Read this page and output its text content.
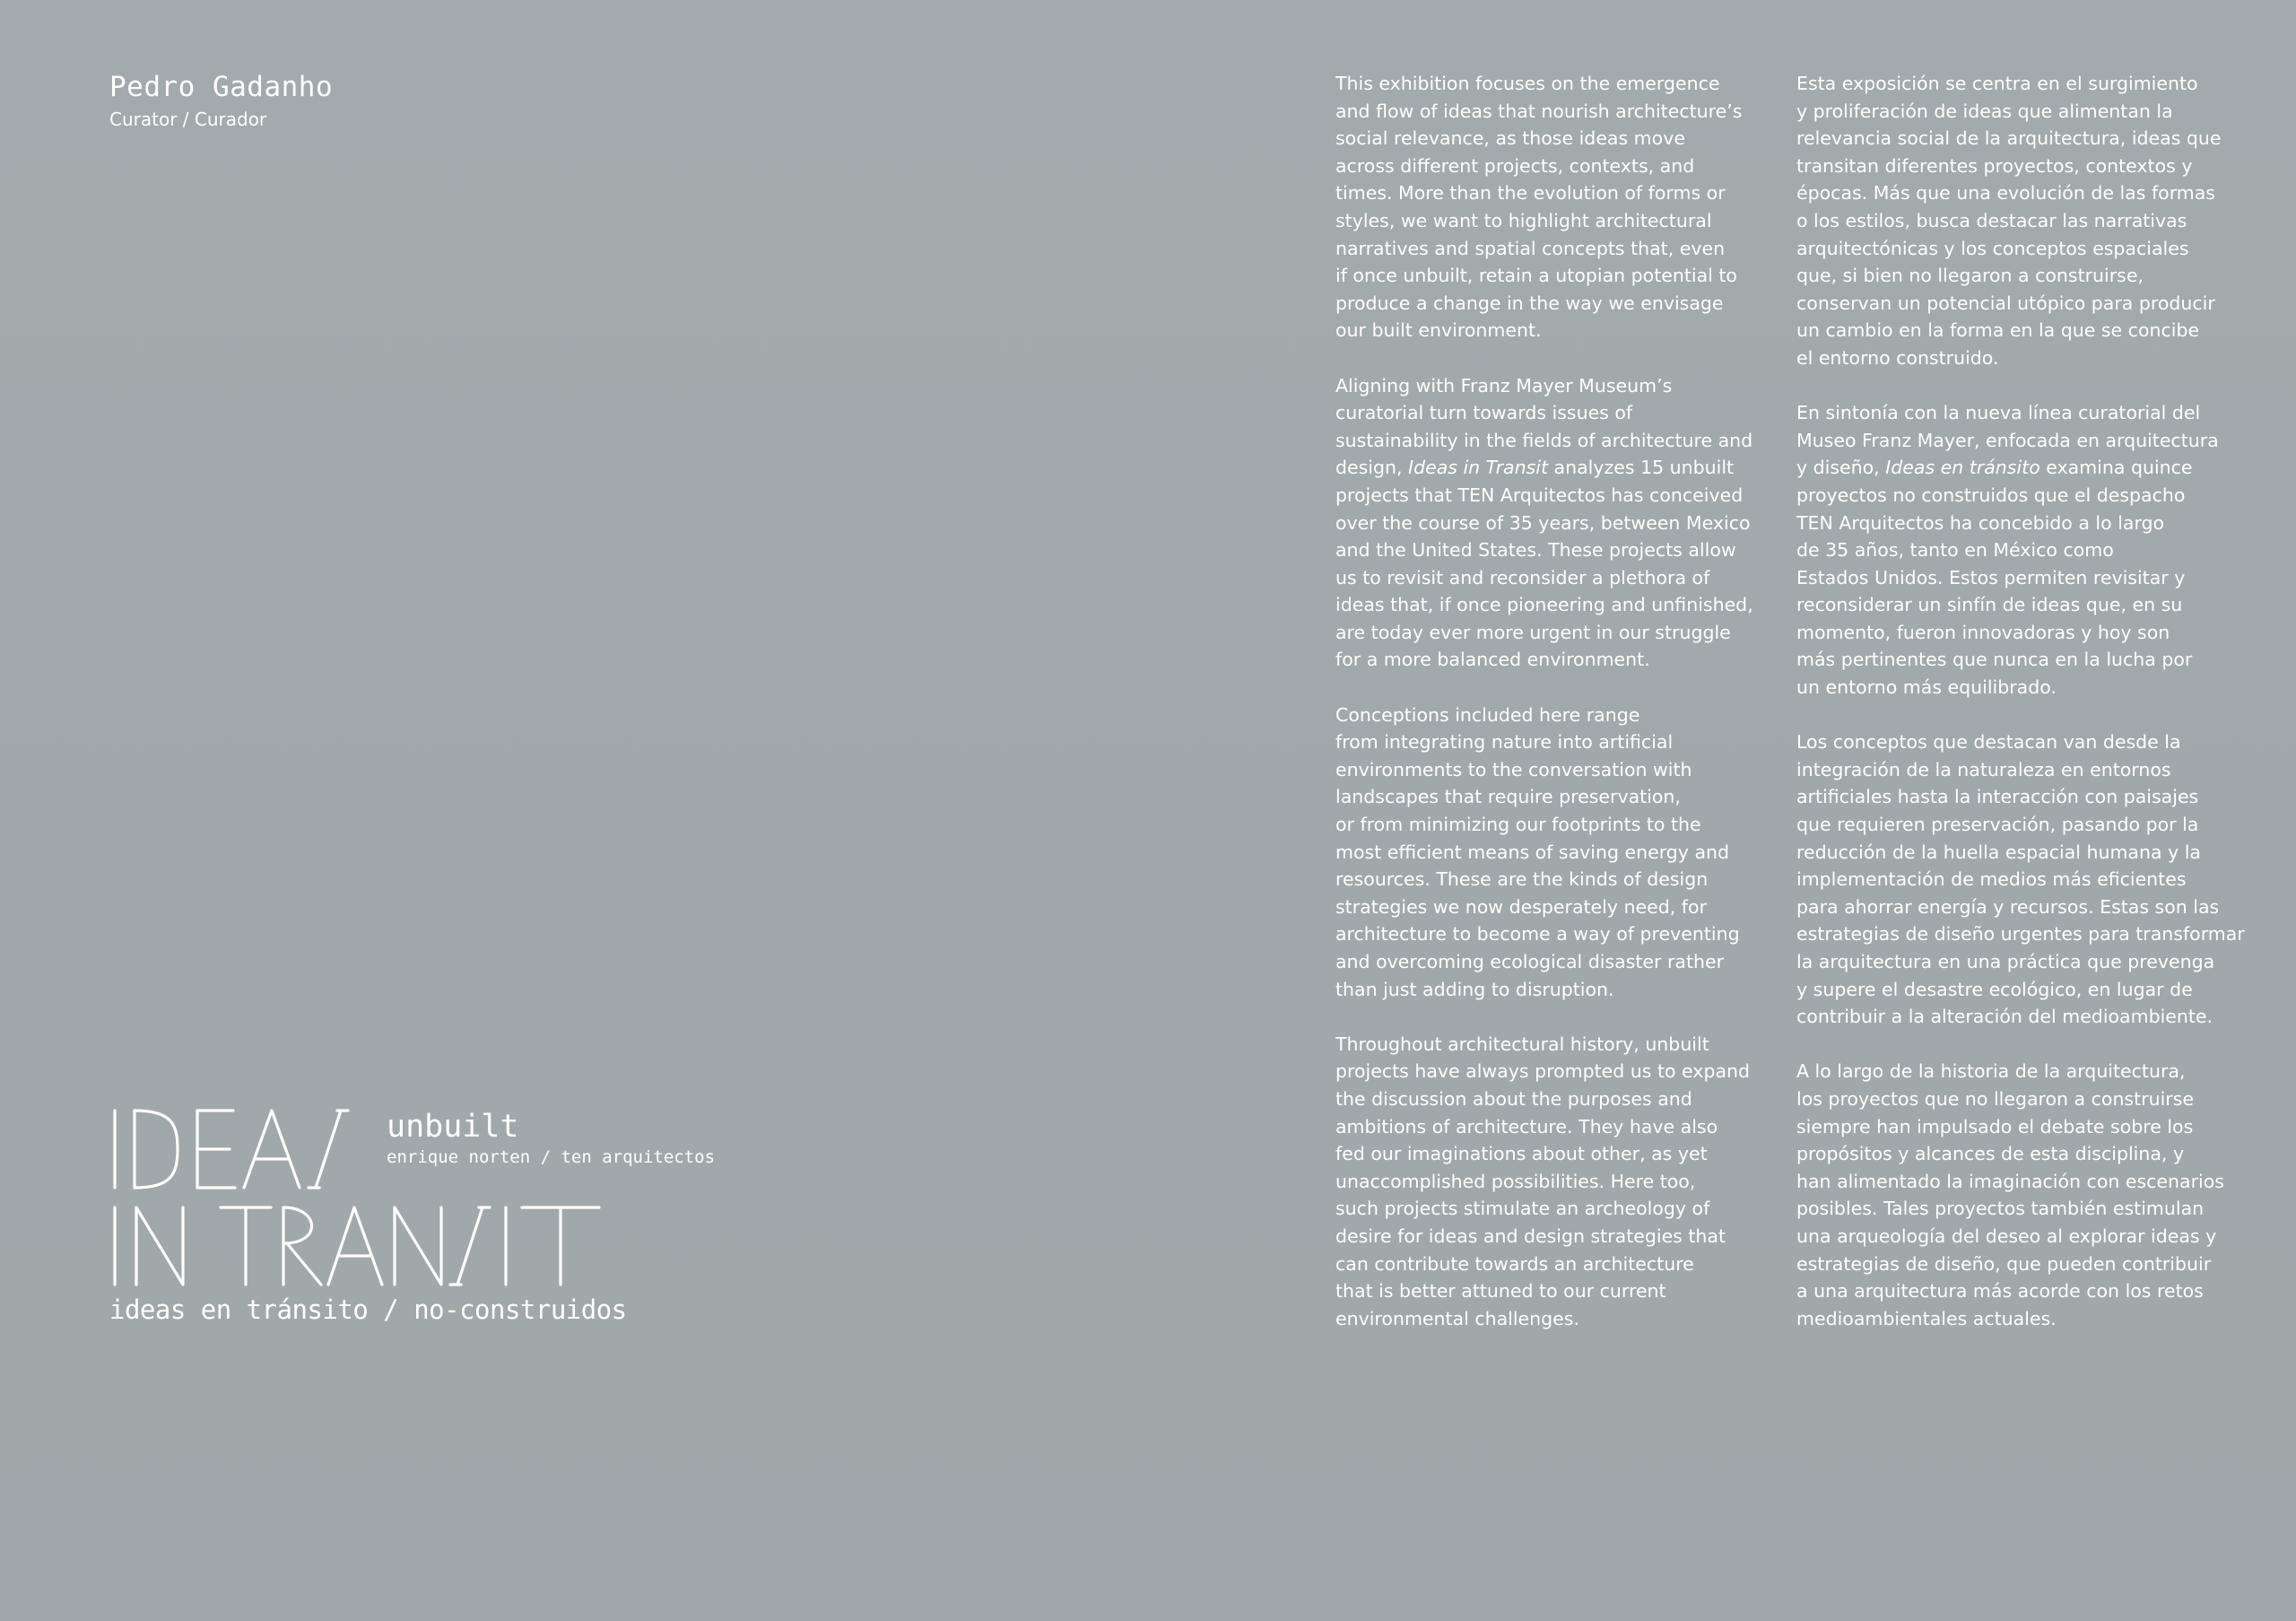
Pedro Gadanho
Curator / Curador
unbuilt
enrique norten / ten arquitectos
ideas en tránsito / no-construidos
This exhibition focuses on the emergence
and flow of ideas that nourish architecture’s
social relevance, as those ideas move
across different projects, contexts, and
times. More than the evolution of forms or
styles, we want to highlight architectural
narratives and spatial concepts that, even
if once unbuilt, retain a utopian potential to
produce a change in the way we envisage
our built environment.
Aligning with Franz Mayer Museum’s
curatorial turn towards issues of
sustainability in the fields of architecture and
design, Ideas in Transit analyzes 15 unbuilt
projects that TEN Arquitectos has conceived
over the course of 35 years, between Mexico
and the United States. These projects allow
us to revisit and reconsider a plethora of
ideas that, if once pioneering and unfinished,
are today ever more urgent in our struggle
for a more balanced environment.
Conceptions included here range
from integrating nature into artificial
environments to the conversation with
landscapes that require preservation,
or from minimizing our footprints to the
most efficient means of saving energy and
resources. These are the kinds of design
strategies we now desperately need, for
architecture to become a way of preventing
and overcoming ecological disaster rather
than just adding to disruption.
Throughout architectural history, unbuilt
projects have always prompted us to expand
the discussion about the purposes and
ambitions of architecture. They have also
fed our imaginations about other, as yet
unaccomplished possibilities. Here too,
such projects stimulate an archeology of
desire for ideas and design strategies that
can contribute towards an architecture
that is better attuned to our current
environmental challenges.
Esta exposición se centra en el surgimiento
y proliferación de ideas que alimentan la
relevancia social de la arquitectura, ideas que
transitan diferentes proyectos, contextos y
épocas. Más que una evolución de las formas
o los estilos, busca destacar las narrativas
arquitectónicas y los conceptos espaciales
que, si bien no llegaron a construirse,
conservan un potencial utópico para producir
un cambio en la forma en la que se concibe
el entorno construido.
En sintonía con la nueva línea curatorial del
Museo Franz Mayer, enfocada en arquitectura
y diseño, Ideas en tránsito examina quince
proyectos no construidos que el despacho
TEN Arquitectos ha concebido a lo largo
de 35 años, tanto en México como
Estados Unidos. Estos permiten revisitar y
reconsiderar un sinfín de ideas que, en su
momento, fueron innovadoras y hoy son
más pertinentes que nunca en la lucha por
un entorno más equilibrado.
Los conceptos que destacan van desde la
integración de la naturaleza en entornos
artificiales hasta la interacción con paisajes
que requieren preservación, pasando por la
reducción de la huella espacial humana y la
implementación de medios más eficientes
para ahorrar energía y recursos. Estas son las
estrategias de diseño urgentes para transformar
la arquitectura en una práctica que prevenga
y supere el desastre ecológico, en lugar de
contribuir a la alteración del medioambiente.
A lo largo de la historia de la arquitectura,
los proyectos que no llegaron a construirse
siempre han impulsado el debate sobre los
propósitos y alcances de esta disciplina, y
han alimentado la imaginación con escenarios
posibles. Tales proyectos también estimulan
una arqueología del deseo al explorar ideas y
estrategias de diseño, que pueden contribuir
a una arquitectura más acorde con los retos
medioambientales actuales.
